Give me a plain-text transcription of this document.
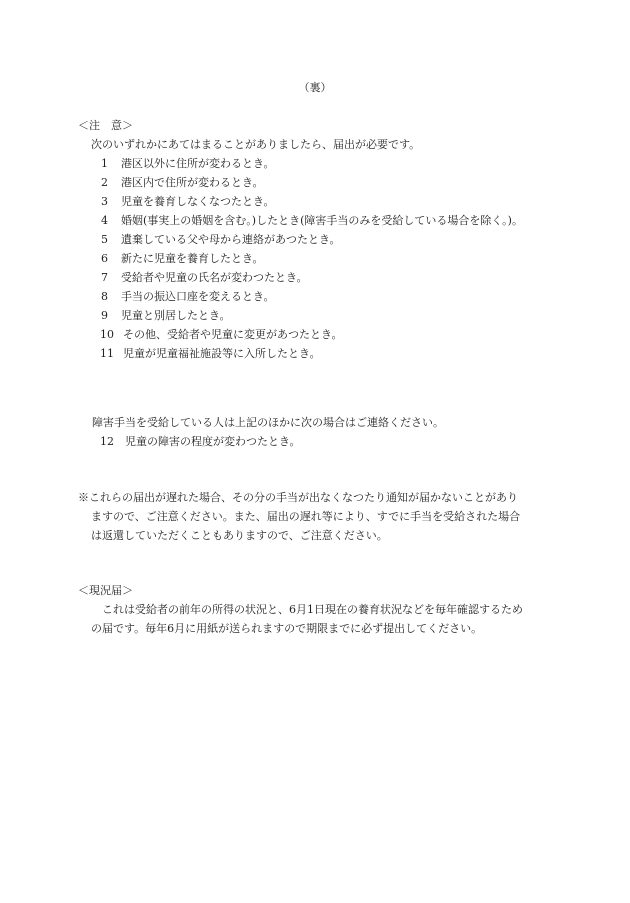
（裏）
＜注　意＞
次のいずれかにあてはまることがありましたら、届出が必要です。
1 港区以外に住所が変わるとき。
2 港区内で住所が変わるとき。
3 児童を養育しなくなつたとき。
4 婚姻(事実上の婚姻を含む。)したとき(障害手当のみを受給している場合を除く。)。
5 遺棄している父や母から連絡があつたとき。
6 新たに児童を養育したとき。
7 受給者や児童の氏名が変わつたとき。
8 手当の振込口座を変えるとき。
9 児童と別居したとき。
10 その他、受給者や児童に変更があつたとき。
11 児童が児童福祉施設等に入所したとき。
障害手当を受給している人は上記のほかに次の場合はご連絡ください。
12 児童の障害の程度が変わつたとき。
※これらの届出が遅れた場合、その分の手当が出なくなつたり通知が届かないことがあり
ますので、ご注意ください。また、届出の遅れ等により、すでに手当を受給された場合
は返還していただくこともありますので、ご注意ください。
＜現況届＞
これは受給者の前年の所得の状況と、6月1日現在の養育状況などを毎年確認するため
の届です。毎年6月に用紙が送られますので期限までに必ず提出してください。
